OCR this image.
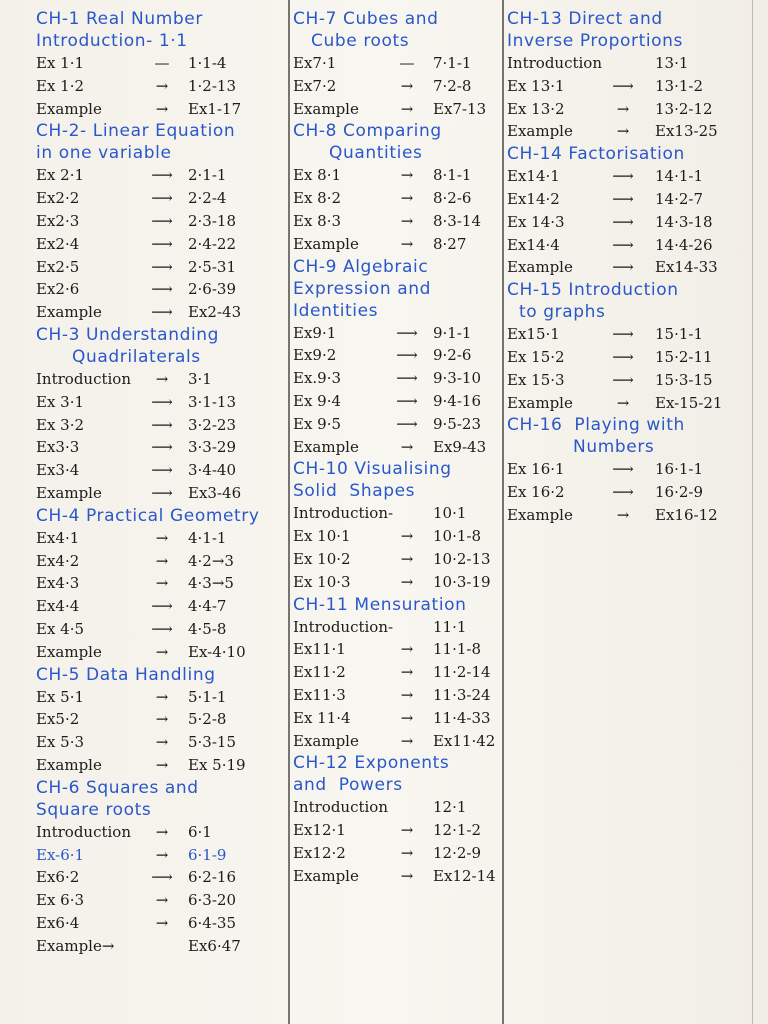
CH-1 Real Number
Introduction- 1·1
Ex 1·1	—	1·1-4
Ex 1·2	→	1·2-13
Example	→	Ex1-17
CH-2- Linear Equation
in one variable
Ex 2·1	⟶	2·1-1
Ex2·2	⟶	2·2-4
Ex2·3	⟶	2·3-18
Ex2·4	⟶	2·4-22
Ex2·5	⟶	2·5-31
Ex2·6	⟶	2·6-39
Example	⟶	Ex2-43
CH-3 Understanding
Quadrilaterals
Introduction	→	3·1
Ex 3·1	⟶	3·1-13
Ex 3·2	⟶	3·2-23
Ex3·3	⟶	3·3-29
Ex3·4	⟶	3·4-40
Example	⟶	Ex3-46
CH-4 Practical Geometry
Ex4·1	→	4·1-1
Ex4·2	→	4·2→3
Ex4·3	→	4·3→5
Ex4·4	⟶	4·4-7
Ex 4·5	⟶	4·5-8
Example	→	Ex-4·10
CH-5 Data Handling
Ex 5·1	→	5·1-1
Ex5·2	→	5·2-8
Ex 5·3	→	5·3-15
Example	→	Ex 5·19
CH-6 Squares and
Square roots
Introduction	→	6·1
Ex-6·1	→	6·1-9
Ex6·2	⟶	6·2-16
Ex 6·3	→	6·3-20
Ex6·4	→	6·4-35
Example→	Ex6·47
CH-7 Cubes and
Cube roots
Ex7·1	—	7·1-1
Ex7·2	→	7·2-8
Example	→	Ex7-13
CH-8 Comparing
Quantities
Ex 8·1	→	8·1-1
Ex 8·2	→	8·2-6
Ex 8·3	→	8·3-14
Example	→	8·27
CH-9 Algebraic
Expression and
Identities
Ex9·1	⟶	9·1-1
Ex9·2	⟶	9·2-6
Ex.9·3	⟶	9·3-10
Ex 9·4	⟶	9·4-16
Ex 9·5	⟶	9·5-23
Example	→	Ex9-43
CH-10 Visualising
Solid  Shapes
Introduction-	10·1
Ex 10·1	→	10·1-8
Ex 10·2	→	10·2-13
Ex 10·3	→	10·3-19
CH-11 Mensuration
Introduction-	11·1
Ex11·1	→	11·1-8
Ex11·2	→	11·2-14
Ex11·3	→	11·3-24
Ex 11·4	→	11·4-33
Example	→	Ex11·42
CH-12 Exponents
and  Powers
Introduction	12·1
Ex12·1	→	12·1-2
Ex12·2	→	12·2-9
Example	→	Ex12-14
CH-13 Direct and
Inverse Proportions
Introduction	13·1
Ex 13·1	⟶	13·1-2
Ex 13·2	→	13·2-12
Example	→	Ex13-25
CH-14 Factorisation
Ex14·1	⟶	14·1-1
Ex14·2	⟶	14·2-7
Ex 14·3	⟶	14·3-18
Ex14·4	⟶	14·4-26
Example	⟶	Ex14-33
CH-15 Introduction
to graphs
Ex15·1	⟶	15·1-1
Ex 15·2	⟶	15·2-11
Ex 15·3	⟶	15·3-15
Example	→	Ex-15-21
CH-16  Playing with
Numbers
Ex 16·1	⟶	16·1-1
Ex 16·2	⟶	16·2-9
Example	→	Ex16-12
